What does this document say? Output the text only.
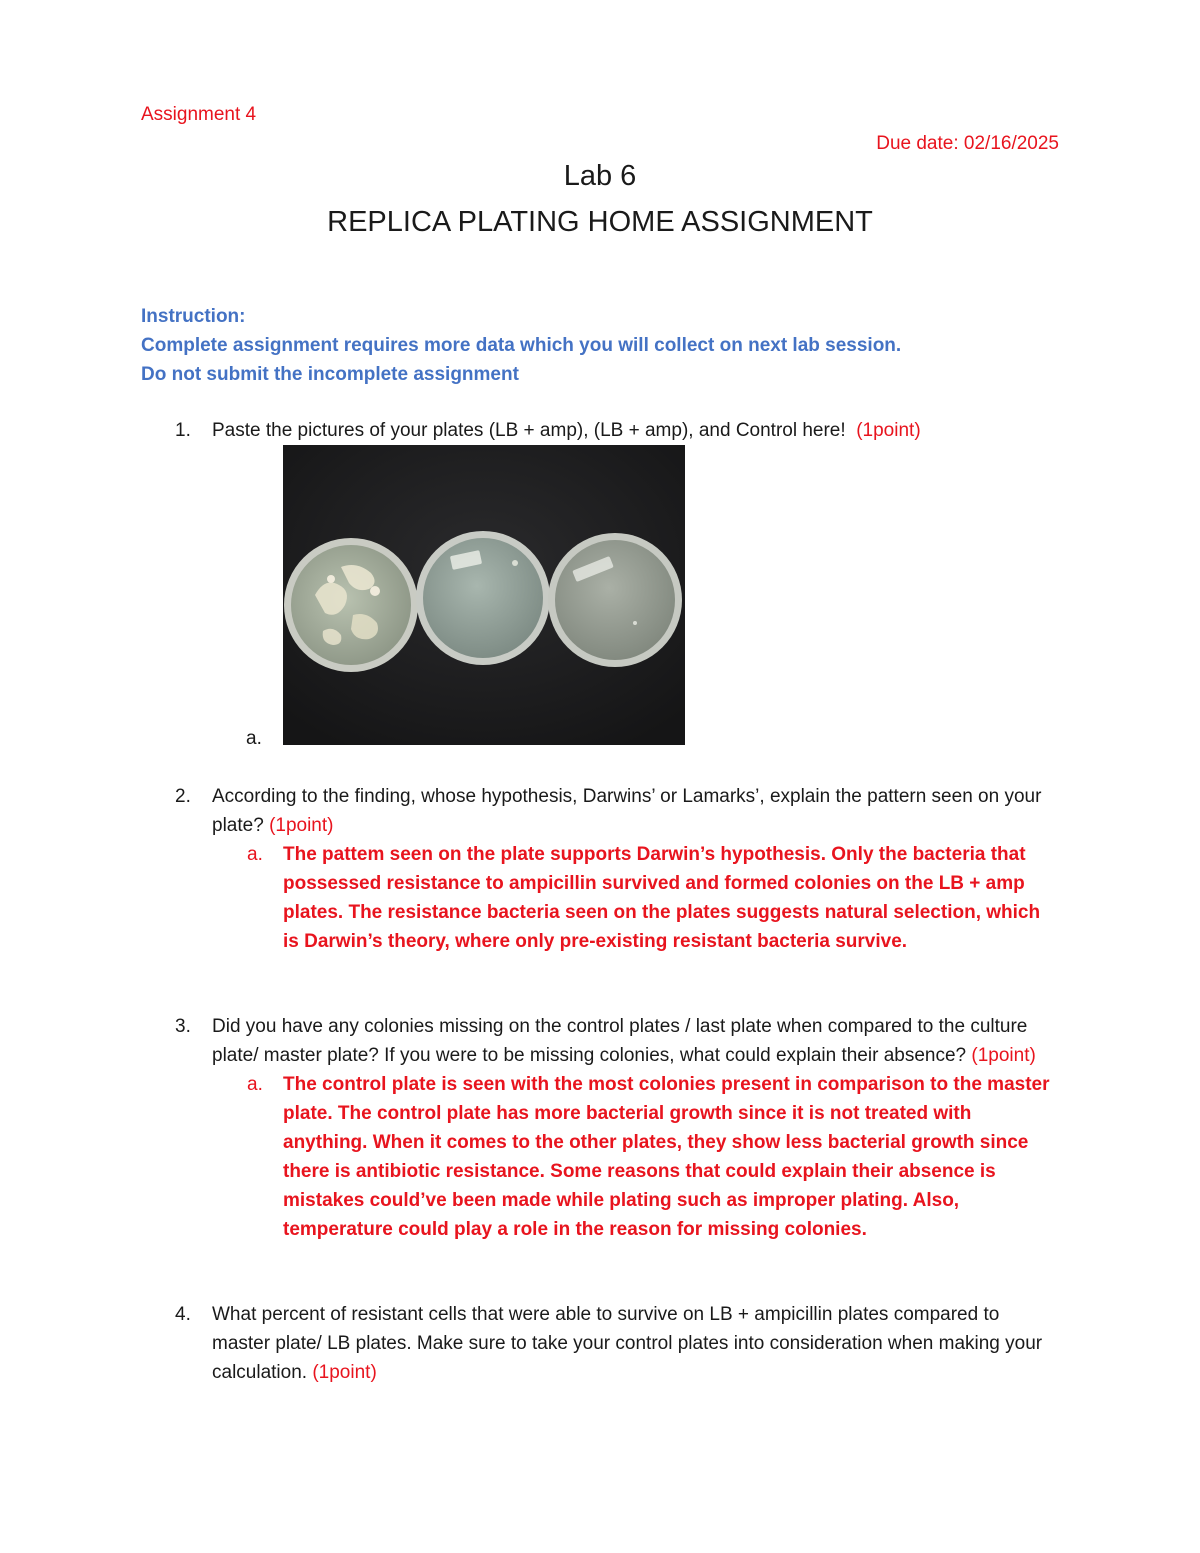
Assignment 4
Due date: 02/16/2025
Lab 6
REPLICA PLATING HOME ASSIGNMENT
Instruction:
Complete assignment requires more data which you will collect on next lab session.
Do not submit the incomplete assignment
1. Paste the pictures of your plates (LB + amp), (LB + amp), and Control here! (1point)
a.
2. According to the finding, whose hypothesis, Darwins’ or Lamarks’, explain the pattern seen on your plate? (1point)
a. The pattem seen on the plate supports Darwin’s hypothesis. Only the bacteria that possessed resistance to ampicillin survived and formed colonies on the LB + amp plates. The resistance bacteria seen on the plates suggests natural selection, which is Darwin’s theory, where only pre-existing resistant bacteria survive.
3. Did you have any colonies missing on the control plates / last plate when compared to the culture plate/ master plate? If you were to be missing colonies, what could explain their absence? (1point)
a. The control plate is seen with the most colonies present in comparison to the master plate. The control plate has more bacterial growth since it is not treated with anything. When it comes to the other plates, they show less bacterial growth since there is antibiotic resistance. Some reasons that could explain their absence is mistakes could’ve been made while plating such as improper plating. Also, temperature could play a role in the reason for missing colonies.
4. What percent of resistant cells that were able to survive on LB + ampicillin plates compared to master plate/ LB plates. Make sure to take your control plates into consideration when making your calculation. (1point)
